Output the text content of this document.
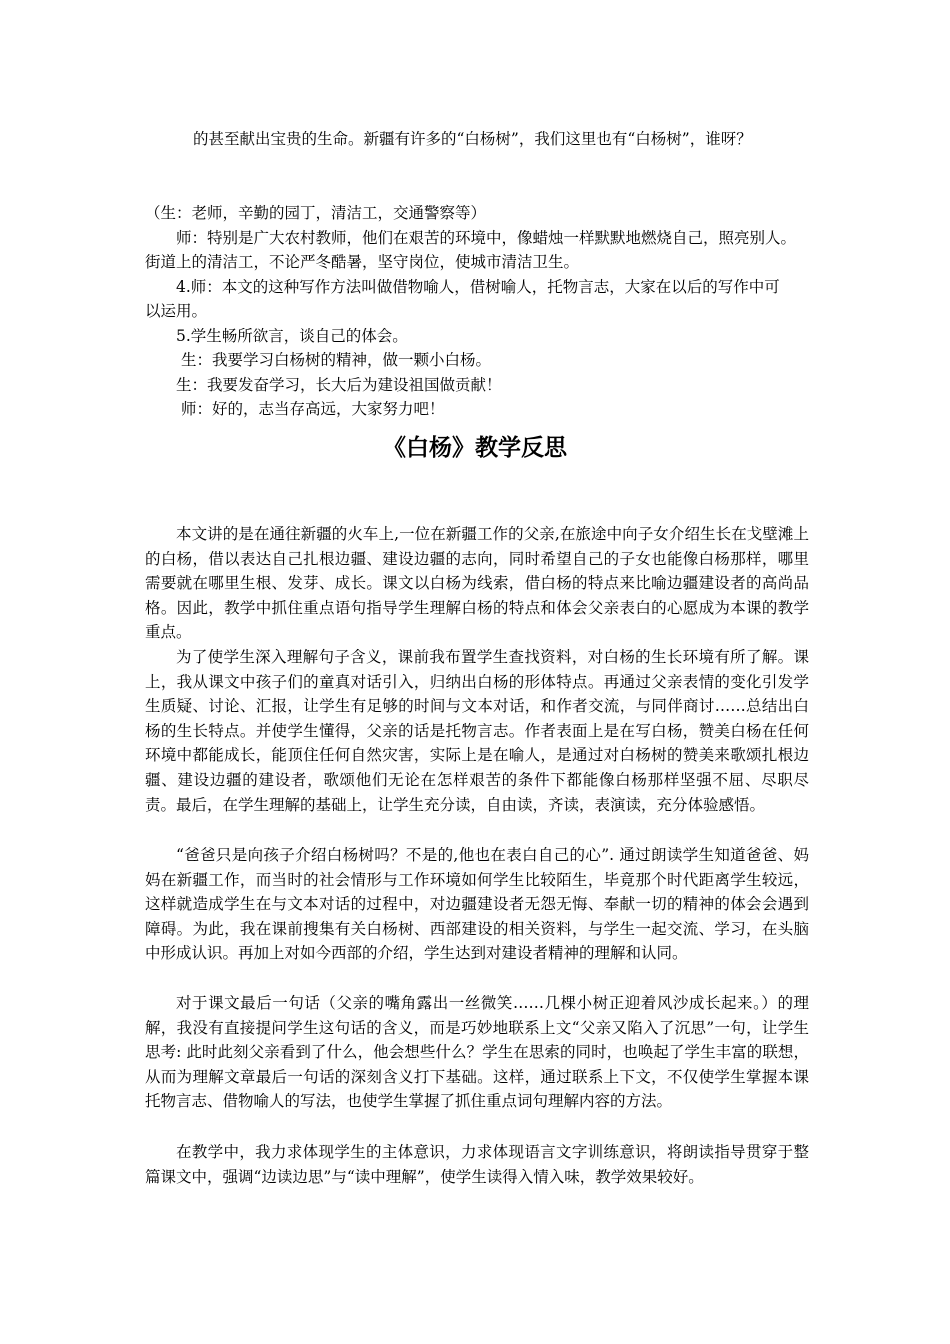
的甚至献出宝贵的生命。新疆有许多的“白杨树”，我们这里也有“白杨树”，谁呀？
（生：老师，辛勤的园丁，清洁工，交通警察等）
师：特别是广大农村教师，他们在艰苦的环境中，像蜡烛一样默默地燃烧自己，照亮别人。
街道上的清洁工，不论严冬酷暑，坚守岗位，使城市清洁卫生。
4.师：本文的这种写作方法叫做借物喻人，借树喻人，托物言志，大家在以后的写作中可
以运用。
5.学生畅所欲言，谈自己的体会。
生：我要学习白杨树的精神，做一颗小白杨。
生：我要发奋学习，长大后为建设祖国做贡献！
师：好的，志当存高远，大家努力吧！
《白杨》教学反思
本文讲的是在通往新疆的火车上,一位在新疆工作的父亲,在旅途中向子女介绍生长在戈壁滩上的白杨，借以表达自己扎根边疆、建设边疆的志向，同时希望自己的子女也能像白杨那样，哪里需要就在哪里生根、发芽、成长。课文以白杨为线索，借白杨的特点来比喻边疆建设者的高尚品格。因此，教学中抓住重点语句指导学生理解白杨的特点和体会父亲表白的心愿成为本课的教学重点。
为了使学生深入理解句子含义，课前我布置学生查找资料，对白杨的生长环境有所了解。课上，我从课文中孩子们的童真对话引入，归纳出白杨的形体特点。再通过父亲表情的变化引发学生质疑、讨论、汇报，让学生有足够的时间与文本对话，和作者交流，与同伴商讨……总结出白杨的生长特点。并使学生懂得，父亲的话是托物言志。作者表面上是在写白杨，赞美白杨在任何环境中都能成长，能顶住任何自然灾害，实际上是在喻人，是通过对白杨树的赞美来歌颂扎根边疆、建设边疆的建设者，歌颂他们无论在怎样艰苦的条件下都能像白杨那样坚强不屈、尽职尽责。最后，在学生理解的基础上，让学生充分读，自由读，齐读，表演读，充分体验感悟。
“爸爸只是向孩子介绍白杨树吗？不是的,他也在表白自己的心”. 通过朗读学生知道爸爸、妈妈在新疆工作，而当时的社会情形与工作环境如何学生比较陌生，毕竟那个时代距离学生较远，这样就造成学生在与文本对话的过程中，对边疆建设者无怨无悔、奉献一切的精神的体会会遇到障碍。为此，我在课前搜集有关白杨树、西部建设的相关资料，与学生一起交流、学习，在头脑中形成认识。再加上对如今西部的介绍，学生达到对建设者精神的理解和认同。
对于课文最后一句话（父亲的嘴角露出一丝微笑……几棵小树正迎着风沙成长起来。）的理解，我没有直接提问学生这句话的含义，而是巧妙地联系上文“父亲又陷入了沉思”一句，让学生思考: 此时此刻父亲看到了什么，他会想些什么？学生在思索的同时，也唤起了学生丰富的联想，从而为理解文章最后一句话的深刻含义打下基础。这样，通过联系上下文，不仅使学生掌握本课托物言志、借物喻人的写法，也使学生掌握了抓住重点词句理解内容的方法。
在教学中，我力求体现学生的主体意识，力求体现语言文字训练意识，将朗读指导贯穿于整篇课文中，强调“边读边思”与“读中理解”，使学生读得入情入味，教学效果较好。
